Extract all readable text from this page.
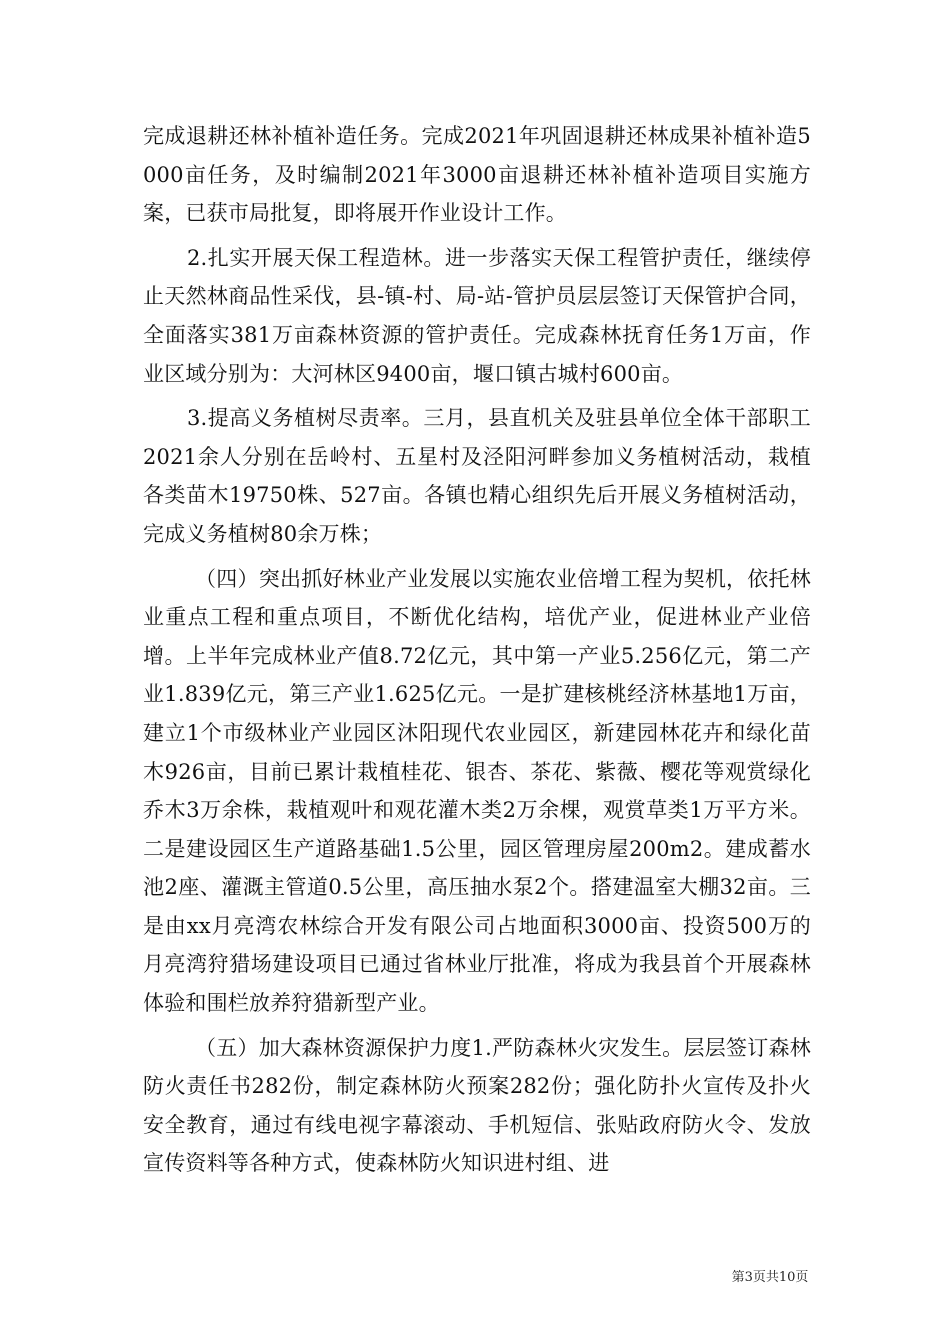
完成退耕还林补植补造任务。完成2021年巩固退耕还林成果补植补造5000亩任务，及时编制2021年3000亩退耕还林补植补造项目实施方案，已获市局批复，即将展开作业设计工作。

2.扎实开展天保工程造林。进一步落实天保工程管护责任，继续停止天然林商品性采伐，县-镇-村、局-站-管护员层层签订天保管护合同，全面落实381万亩森林资源的管护责任。完成森林抚育任务1万亩，作业区域分别为：大河林区9400亩，堰口镇古城村600亩。

3.提高义务植树尽责率。三月，县直机关及驻县单位全体干部职工2021余人分别在岳岭村、五星村及泾阳河畔参加义务植树活动，栽植各类苗木19750株、527亩。各镇也精心组织先后开展义务植树活动，完成义务植树80余万株；

（四）突出抓好林业产业发展以实施农业倍增工程为契机，依托林业重点工程和重点项目，不断优化结构，培优产业，促进林业产业倍增。上半年完成林业产值8.72亿元，其中第一产业5.256亿元，第二产业1.839亿元，第三产业1.625亿元。一是扩建核桃经济林基地1万亩，建立1个市级林业产业园区沐阳现代农业园区，新建园林花卉和绿化苗木926亩，目前已累计栽植桂花、银杏、茶花、紫薇、樱花等观赏绿化乔木3万余株，栽植观叶和观花灌木类2万余棵，观赏草类1万平方米。二是建设园区生产道路基础1.5公里，园区管理房屋200m2。建成蓄水池2座、灌溉主管道0.5公里，高压抽水泵2个。搭建温室大棚32亩。三是由xx月亮湾农林综合开发有限公司占地面积3000亩、投资500万的月亮湾狩猎场建设项目已通过省林业厅批准，将成为我县首个开展森林体验和围栏放养狩猎新型产业。

（五）加大森林资源保护力度1.严防森林火灾发生。层层签订森林防火责任书282份，制定森林防火预案282份；强化防扑火宣传及扑火安全教育，通过有线电视字幕滚动、手机短信、张贴政府防火令、发放宣传资料等各种方式，使森林防火知识进村组、进

第3页共10页
